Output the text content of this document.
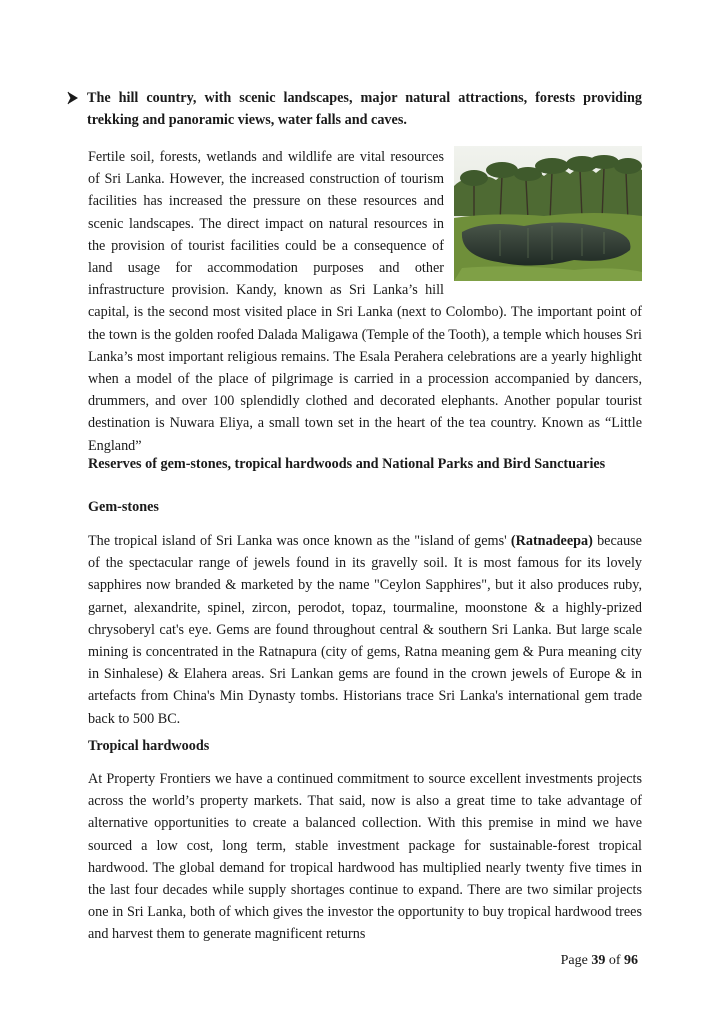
The hill country, with scenic landscapes, major natural attractions, forests providing trekking and panoramic views, water falls and caves.

Fertile soil, forests, wetlands and wildlife are vital resources of Sri Lanka. However, the increased construction of tourism facilities has increased the pressure on these resources and scenic landscapes. The direct impact on natural resources in the provision of tourist facilities could be a consequence of land usage for accommodation purposes and other infrastructure provision. Kandy, known as Sri Lanka’s hill capital, is the second most visited place in Sri Lanka (next to Colombo). The important point of the town is the golden roofed Dalada Maligawa (Temple of the Tooth), a temple which houses Sri Lanka’s most important religious remains. The Esala Perahera celebrations are a yearly highlight when a model of the place of pilgrimage is carried in a procession accompanied by dancers, drummers, and over 100 splendidly clothed and decorated elephants. Another popular tourist destination is Nuwara Eliya, a small town set in the heart of the tea country. Known as “Little England”

Reserves of gem-stones, tropical hardwoods and National Parks and Bird Sanctuaries

Gem-stones

The tropical island of Sri Lanka was once known as the "island of gems' (Ratnadeepa) because of the spectacular range of jewels found in its gravelly soil. It is most famous for its lovely sapphires now branded & marketed by the name "Ceylon Sapphires", but it also produces ruby, garnet, alexandrite, spinel, zircon, perodot, topaz, tourmaline, moonstone & a highly-prized chrysoberyl cat's eye. Gems are found throughout central & southern Sri Lanka. But large scale mining is concentrated in the Ratnapura (city of gems, Ratna meaning gem & Pura meaning city in Sinhalese) & Elahera areas. Sri Lankan gems are found in the crown jewels of Europe & in artefacts from China's Min Dynasty tombs. Historians trace Sri Lanka's international gem trade back to 500 BC.

Tropical hardwoods

At Property Frontiers we have a continued commitment to source excellent investments projects across the world’s property markets. That said, now is also a great time to take advantage of alternative opportunities to create a balanced collection. With this premise in mind we have sourced a low cost, long term, stable investment package for sustainable-forest tropical hardwood. The global demand for tropical hardwood has multiplied nearly twenty five times in the last four decades while supply shortages continue to expand. There are two similar projects one in Sri Lanka, both of which gives the investor the opportunity to buy tropical hardwood trees and harvest them to generate magnificent returns

Page 39 of 96
